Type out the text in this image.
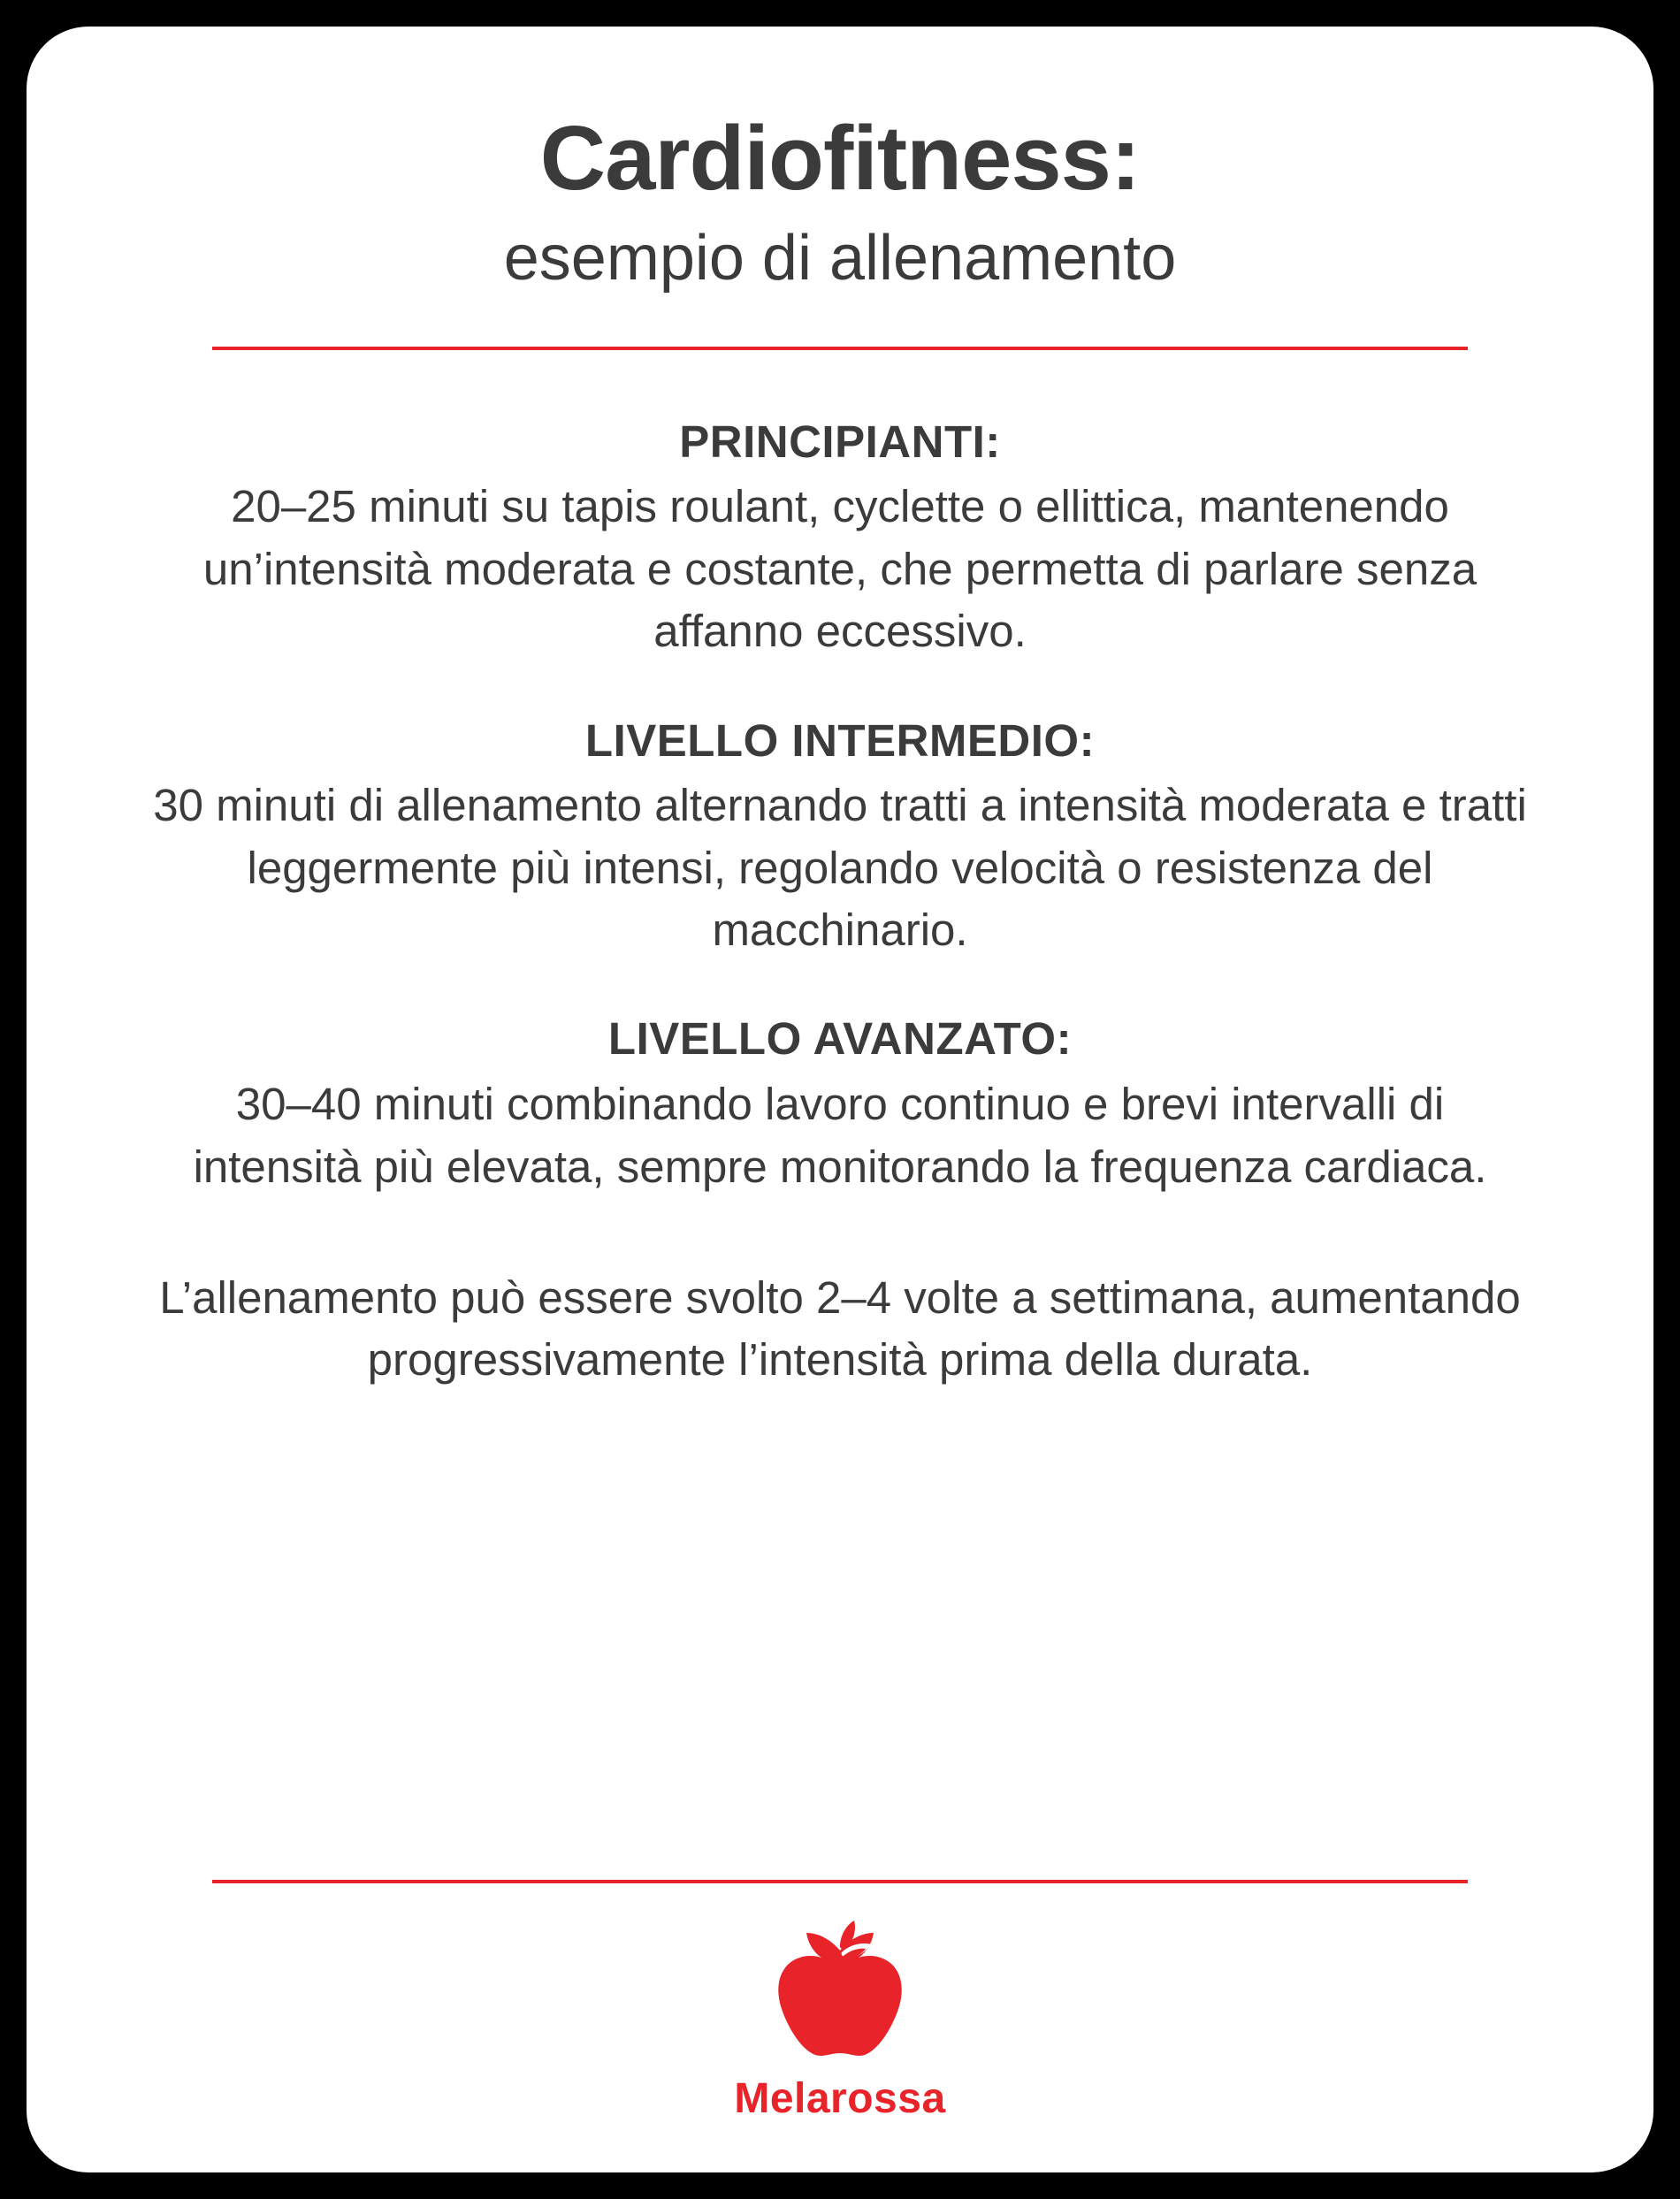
Cardiofitness:
esempio di allenamento
PRINCIPIANTI:
20–25 minuti su tapis roulant, cyclette o ellittica, mantenendo un’intensità moderata e costante, che permetta di parlare senza affanno eccessivo.
LIVELLO INTERMEDIO:
30 minuti di allenamento alternando tratti a intensità moderata e tratti leggermente più intensi, regolando velocità o resistenza del macchinario.
LIVELLO AVANZATO:
30–40 minuti combinando lavoro continuo e brevi intervalli di intensità più elevata, sempre monitorando la frequenza cardiaca.
L’allenamento può essere svolto 2–4 volte a settimana, aumentando progressivamente l’intensità prima della durata.
Melarossa
